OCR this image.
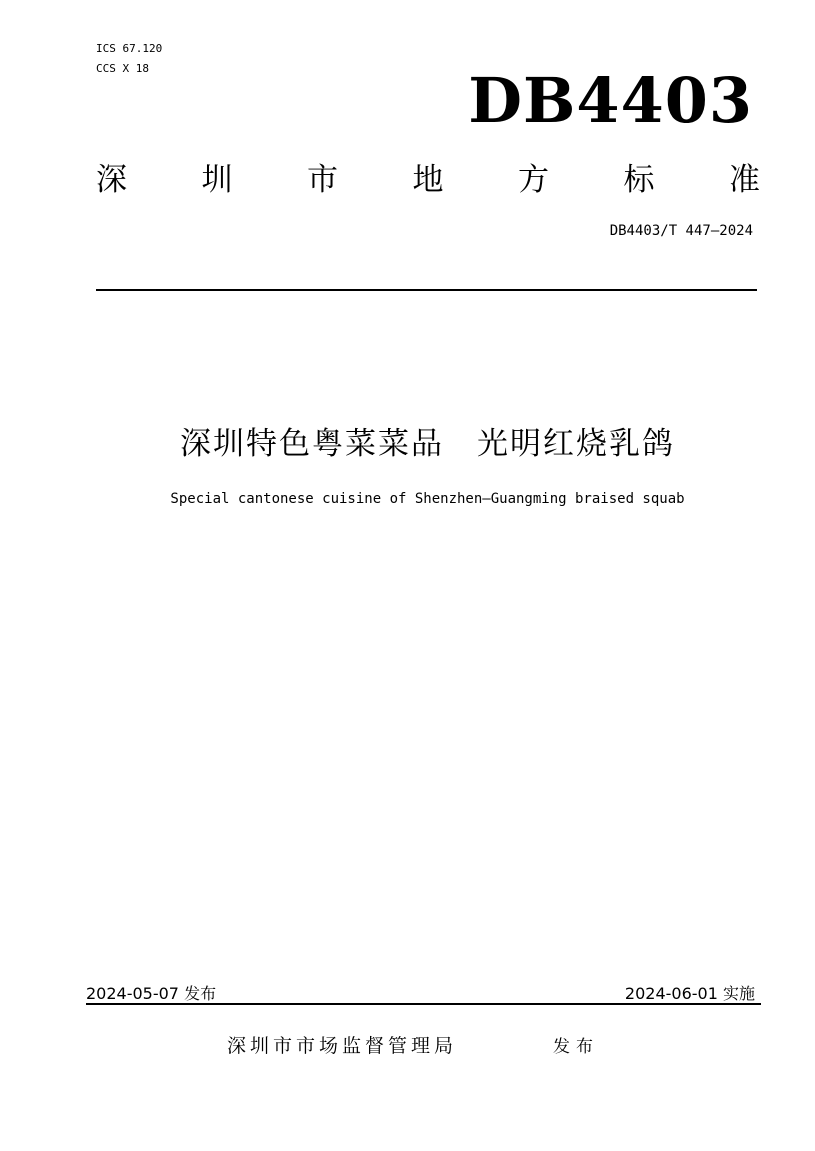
ICS 67.120
CCS X 18	DB4403
深 圳 市 地 方 标 准
DB4403/T 447—2024
深圳特色粤菜菜品　光明红烧乳鸽
Special cantonese cuisine of Shenzhen—Guangming braised squab
2024-05-07 发布	2024-06-01 实施
深圳市市场监督管理局	发布
